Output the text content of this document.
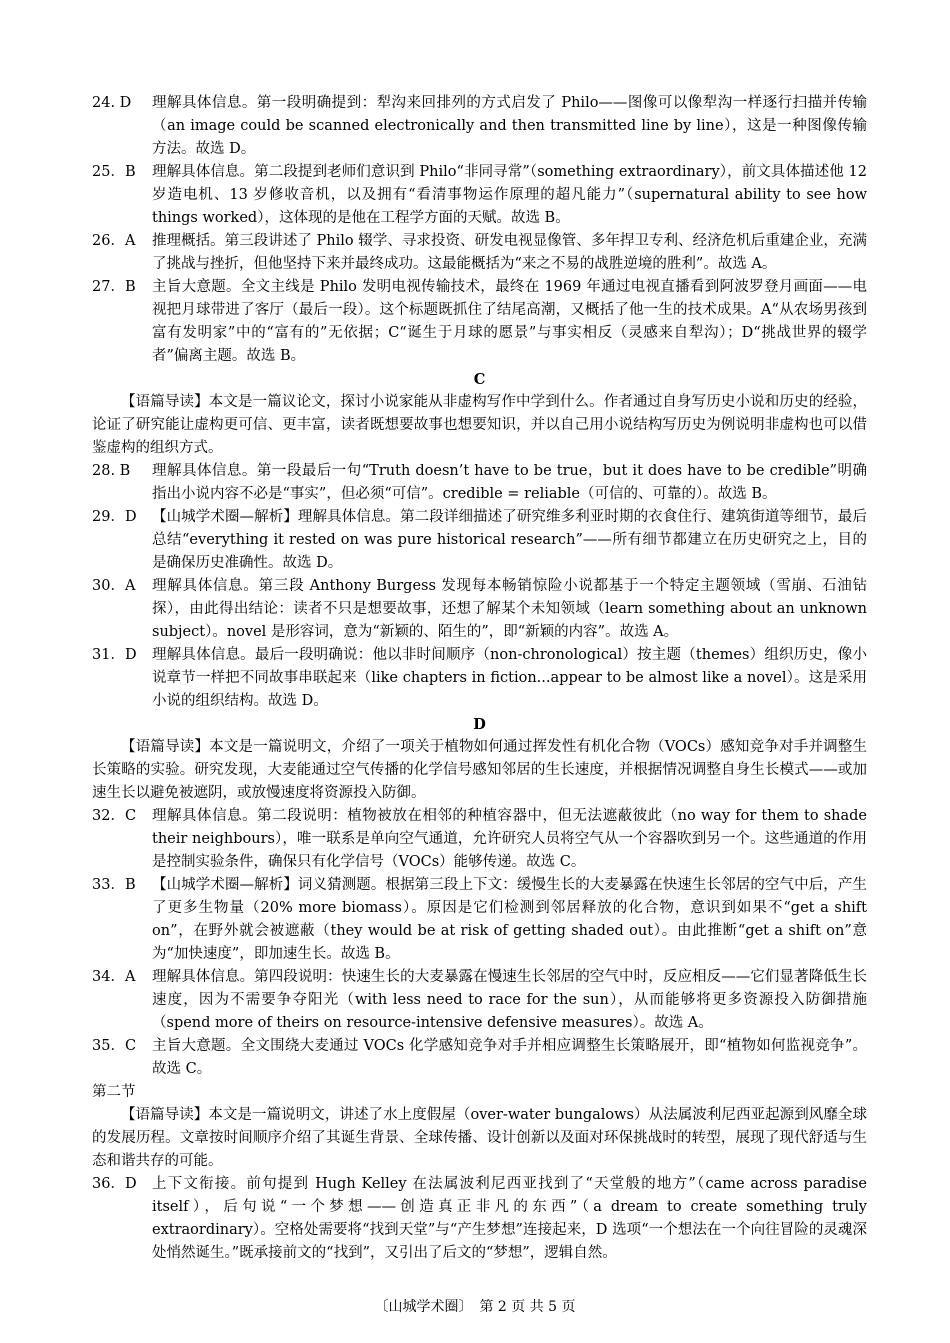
24. D	理解具体信息。第一段明确提到：犁沟来回排列的方式启发了 Philo——图像可以像犁沟一样逐行扫描并传输（an image could be scanned electronically and then transmitted line by line），这是一种图像传输方法。故选 D。
25．B	理解具体信息。第二段提到老师们意识到 Philo“非同寻常”（something extraordinary），前文具体描述他 12 岁造电机、13 岁修收音机，以及拥有“看清事物运作原理的超凡能力”（supernatural ability to see how things worked），这体现的是他在工程学方面的天赋。故选 B。
26．A	推理概括。第三段讲述了 Philo 辍学、寻求投资、研发电视显像管、多年捍卫专利、经济危机后重建企业，充满了挑战与挫折，但他坚持下来并最终成功。这最能概括为“来之不易的战胜逆境的胜利”。故选 A。
27．B	主旨大意题。全文主线是 Philo 发明电视传输技术，最终在 1969 年通过电视直播看到阿波罗登月画面——电视把月球带进了客厅（最后一段）。这个标题既抓住了结尾高潮，又概括了他一生的技术成果。A“从农场男孩到富有发明家”中的“富有的”无依据；C“诞生于月球的愿景”与事实相反（灵感来自犁沟）；D“挑战世界的辍学者”偏离主题。故选 B。
C
【语篇导读】本文是一篇议论文，探讨小说家能从非虚构写作中学到什么。作者通过自身写历史小说和历史的经验，论证了研究能让虚构更可信、更丰富，读者既想要故事也想要知识，并以自己用小说结构写历史为例说明非虚构也可以借鉴虚构的组织方式。
28. B	理解具体信息。第一段最后一句“Truth doesn’t have to be true，but it does have to be credible”明确指出小说内容不必是“事实”，但必须“可信”。credible = reliable（可信的、可靠的）。故选 B。
29．D	【山城学术圈—解析】理解具体信息。第二段详细描述了研究维多利亚时期的衣食住行、建筑街道等细节，最后总结“everything it rested on was pure historical research”——所有细节都建立在历史研究之上，目的是确保历史准确性。故选 D。
30．A	理解具体信息。第三段 Anthony Burgess 发现每本畅销惊险小说都基于一个特定主题领域（雪崩、石油钻探），由此得出结论：读者不只是想要故事，还想了解某个未知领域（learn something about an unknown subject）。novel 是形容词，意为“新颖的、陌生的”，即“新颖的内容”。故选 A。
31．D	理解具体信息。最后一段明确说：他以非时间顺序（non-chronological）按主题（themes）组织历史，像小说章节一样把不同故事串联起来（like chapters in fiction...appear to be almost like a novel）。这是采用小说的组织结构。故选 D。
D
【语篇导读】本文是一篇说明文，介绍了一项关于植物如何通过挥发性有机化合物（VOCs）感知竞争对手并调整生长策略的实验。研究发现，大麦能通过空气传播的化学信号感知邻居的生长速度，并根据情况调整自身生长模式——或加速生长以避免被遮阴，或放慢速度将资源投入防御。
32．C	理解具体信息。第二段说明：植物被放在相邻的种植容器中，但无法遮蔽彼此（no way for them to shade their neighbours），唯一联系是单向空气通道，允许研究人员将空气从一个容器吹到另一个。这些通道的作用是控制实验条件，确保只有化学信号（VOCs）能够传递。故选 C。
33．B	【山城学术圈—解析】词义猜测题。根据第三段上下文：缓慢生长的大麦暴露在快速生长邻居的空气中后，产生了更多生物量（20% more biomass）。原因是它们检测到邻居释放的化合物，意识到如果不“get a shift on”，在野外就会被遮蔽（they would be at risk of getting shaded out）。由此推断“get a shift on”意为“加快速度”，即加速生长。故选 B。
34．A	理解具体信息。第四段说明：快速生长的大麦暴露在慢速生长邻居的空气中时，反应相反——它们显著降低生长速度，因为不需要争夺阳光（with less need to race for the sun），从而能够将更多资源投入防御措施（spend more of theirs on resource-intensive defensive measures）。故选 A。
35．C	主旨大意题。全文围绕大麦通过 VOCs 化学感知竞争对手并相应调整生长策略展开，即“植物如何监视竞争”。故选 C。
第二节
【语篇导读】本文是一篇说明文，讲述了水上度假屋（over-water bungalows）从法属波利尼西亚起源到风靡全球的发展历程。文章按时间顺序介绍了其诞生背景、全球传播、设计创新以及面对环保挑战时的转型，展现了现代舒适与生态和谐共存的可能。
36．D	上下文衔接。前句提到 Hugh Kelley 在法属波利尼西亚找到了“天堂般的地方”（came across paradise itself），后句说“一个梦想——创造真正非凡的东西”（a dream to create something truly extraordinary）。空格处需要将“找到天堂”与“产生梦想”连接起来，D 选项“一个想法在一个向往冒险的灵魂深处悄然诞生。”既承接前文的“找到”，又引出了后文的“梦想”，逻辑自然。
〔山城学术圈〕　第 2 页 共 5 页
